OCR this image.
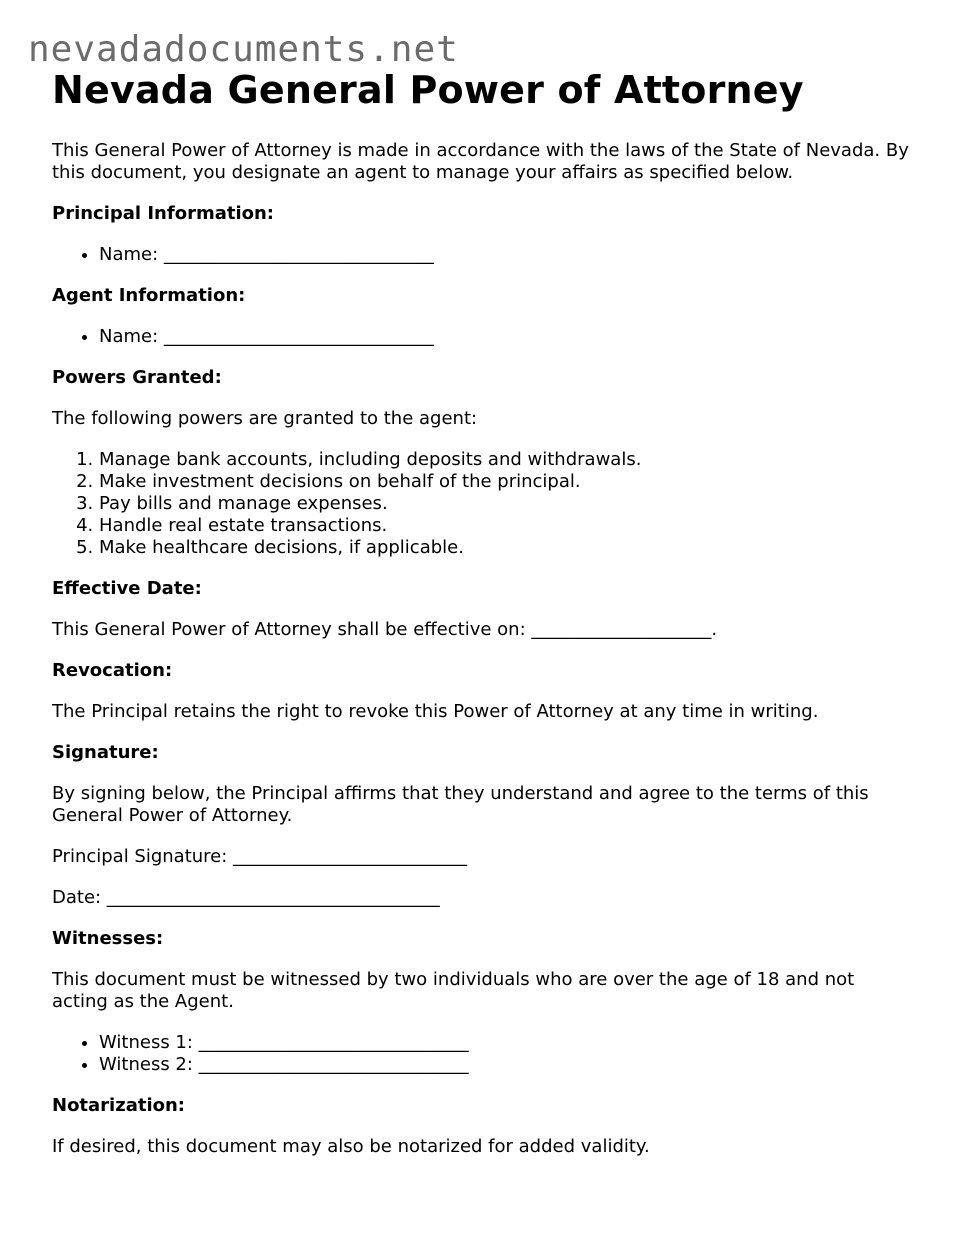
nevadadocuments.net
Nevada General Power of Attorney

This General Power of Attorney is made in accordance with the laws of the State of Nevada. By this document, you designate an agent to manage your affairs as specified below.

Principal Information:

• Name: ______________________________

Agent Information:

• Name: ______________________________

Powers Granted:

The following powers are granted to the agent:

1. Manage bank accounts, including deposits and withdrawals.
2. Make investment decisions on behalf of the principal.
3. Pay bills and manage expenses.
4. Handle real estate transactions.
5. Make healthcare decisions, if applicable.

Effective Date:

This General Power of Attorney shall be effective on: ____________________.

Revocation:

The Principal retains the right to revoke this Power of Attorney at any time in writing.

Signature:

By signing below, the Principal affirms that they understand and agree to the terms of this General Power of Attorney.

Principal Signature: __________________________

Date: _____________________________________

Witnesses:

This document must be witnessed by two individuals who are over the age of 18 and not acting as the Agent.

• Witness 1: ______________________________
• Witness 2: ______________________________

Notarization:

If desired, this document may also be notarized for added validity.
